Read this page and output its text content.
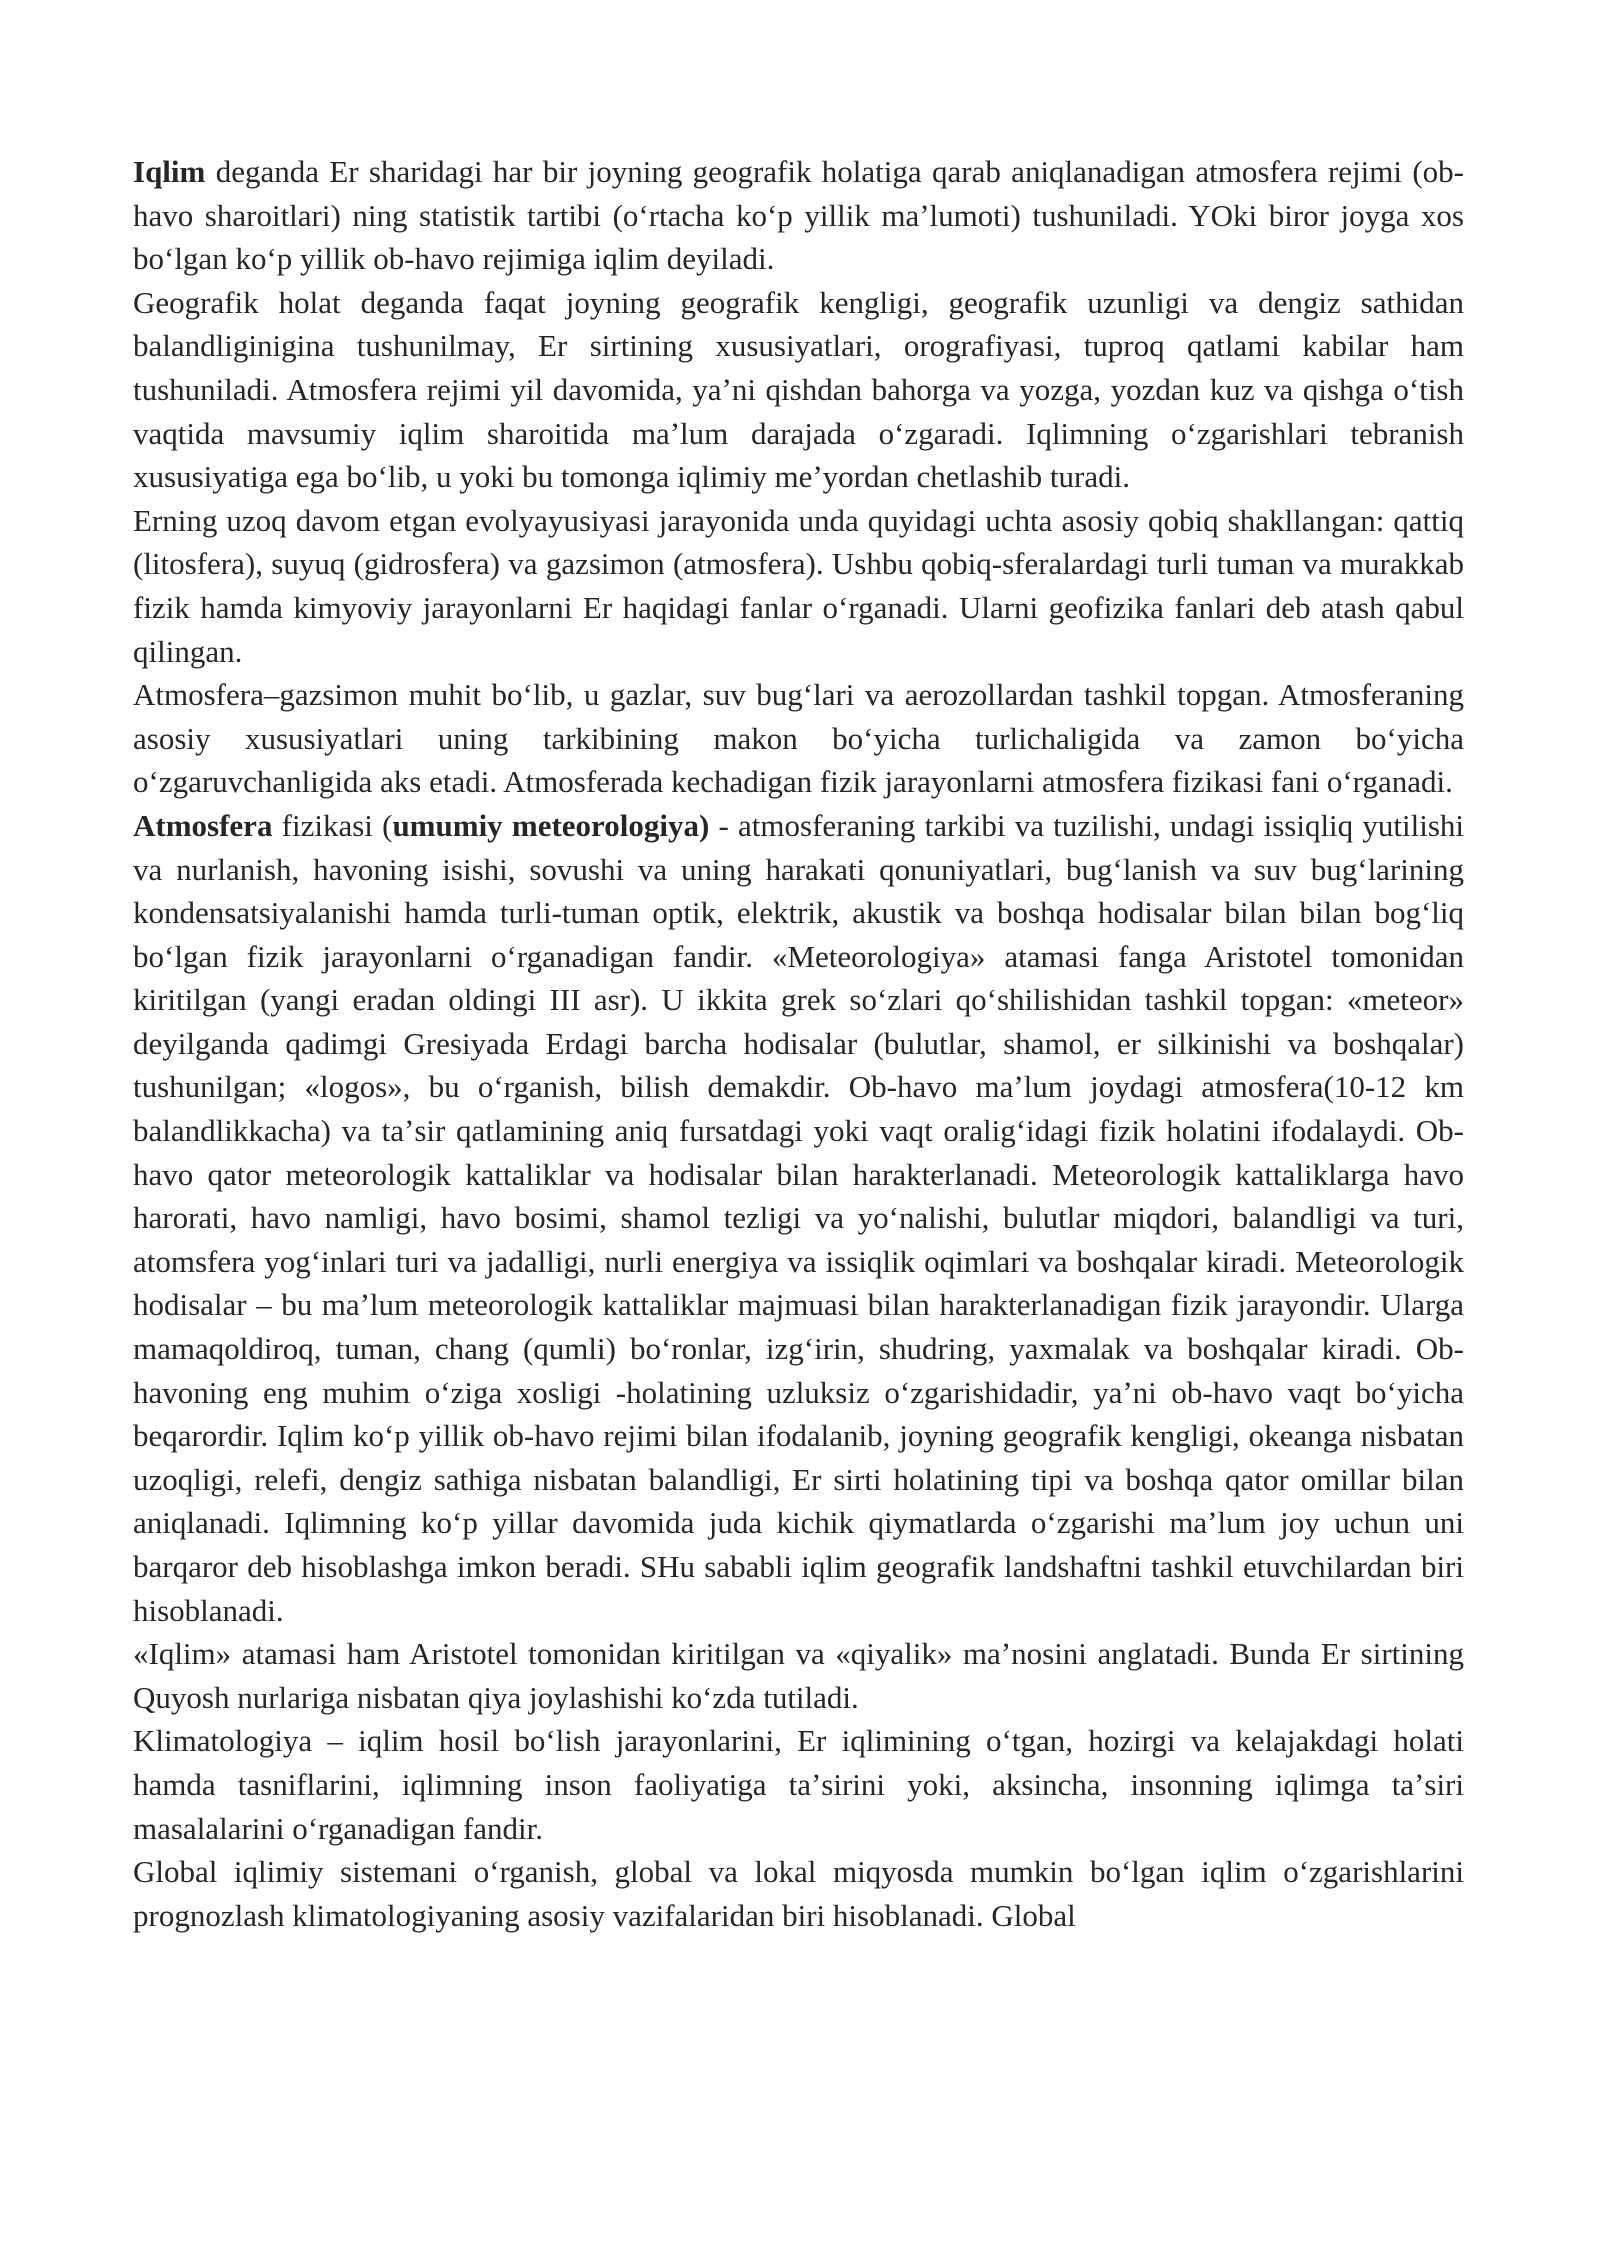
Iqlim deganda Er sharidagi har bir joyning geografik holatiga qarab aniqlanadigan atmosfera rejimi (ob-havo sharoitlari) ning statistik tartibi (oʻrtacha koʻp yillik maʼlumoti) tushuniladi. YOki biror joyga xos boʻlgan koʻp yillik ob-havo rejimiga iqlim deyiladi.

Geografik holat deganda faqat joyning geografik kengligi, geografik uzunligi va dengiz sathidan balandliginigina tushunilmay, Er sirtining xususiyatlari, orografiyasi, tuproq qatlami kabilar ham tushuniladi. Atmosfera rejimi yil davomida, yaʼni qishdan bahorga va yozga, yozdan kuz va qishga oʻtish vaqtida mavsumiy iqlim sharoitida maʼlum darajada oʻzgaradi. Iqlimning oʻzgarishlari tebranish xususiyatiga ega boʻlib, u yoki bu tomonga iqlimiy meʼyordan chetlashib turadi.

Erning uzoq davom etgan evolyayusiyasi jarayonida unda quyidagi uchta asosiy qobiq shakllangan: qattiq (litosfera), suyuq (gidrosfera) va gazsimon (atmosfera). Ushbu qobiq-sferalardagi turli tuman va murakkab fizik hamda kimyoviy jarayonlarni Er haqidagi fanlar oʻrganadi. Ularni geofizika fanlari deb atash qabul qilingan.

Atmosfera–gazsimon muhit boʻlib, u gazlar, suv bugʻlari va aerozollardan tashkil topgan. Atmosferaning asosiy xususiyatlari uning tarkibining makon boʻyicha turlichaligida va zamon boʻyicha oʻzgaruvchanligida aks etadi. Atmosferada kechadigan fizik jarayonlarni atmosfera fizikasi fani oʻrganadi.

Atmosfera fizikasi (umumiy meteorologiya) - atmosferaning tarkibi va tuzilishi, undagi issiqliq yutilishi va nurlanish, havoning isishi, sovushi va uning harakati qonuniyatlari, bugʻlanish va suv bugʻlarining kondensatsiyalanishi hamda turli-tuman optik, elektrik, akustik va boshqa hodisalar bilan bilan bogʻliq boʻlgan fizik jarayonlarni oʻrganadigan fandir. «Meteorologiya» atamasi fanga Aristotel tomonidan kiritilgan (yangi eradan oldingi III asr). U ikkita grek soʻzlari qoʻshilishidan tashkil topgan: «meteor» deyilganda qadimgi Gresiyada Erdagi barcha hodisalar (bulutlar, shamol, er silkinishi va boshqalar) tushunilgan; «logos», bu oʻrganish, bilish demakdir. Ob-havo maʼlum joydagi atmosfera(10-12 km balandlikkacha) va taʼsir qatlamining aniq fursatdagi yoki vaqt oraligʻidagi fizik holatini ifodalaydi. Ob-havo qator meteorologik kattaliklar va hodisalar bilan harakterlanadi. Meteorologik kattaliklarga havo harorati, havo namligi, havo bosimi, shamol tezligi va yoʻnalishi, bulutlar miqdori, balandligi va turi, atomsfera yogʻinlari turi va jadalligi, nurli energiya va issiqlik oqimlari va boshqalar kiradi. Meteorologik hodisalar – bu maʼlum meteorologik kattaliklar majmuasi bilan harakterlanadigan fizik jarayondir. Ularga mamaqoldiroq, tuman, chang (qumli) boʻronlar, izgʻirin, shudring, yaxmalak va boshqalar kiradi. Ob-havoning eng muhim oʻziga xosligi -holatining uzluksiz oʻzgarishidadir, yaʼni ob-havo vaqt boʻyicha beqarordir. Iqlim koʻp yillik ob-havo rejimi bilan ifodalanib, joyning geografik kengligi, okeanga nisbatan uzoqligi, relefi, dengiz sathiga nisbatan balandligi, Er sirti holatining tipi va boshqa qator omillar bilan aniqlanadi. Iqlimning koʻp yillar davomida juda kichik qiymatlarda oʻzgarishi maʼlum joy uchun uni barqaror deb hisoblashga imkon beradi. SHu sababli iqlim geografik landshaftni tashkil etuvchilardan biri hisoblanadi.

«Iqlim» atamasi ham Aristotel tomonidan kiritilgan va «qiyalik» maʼnosini anglatadi. Bunda Er sirtining Quyosh nurlariga nisbatan qiya joylashishi koʻzda tutiladi.

Klimatologiya – iqlim hosil boʻlish jarayonlarini, Er iqlimining oʻtgan, hozirgi va kelajakdagi holati hamda tasniflarini, iqlimning inson faoliyatiga taʼsirini yoki, aksincha, insonning iqlimga taʼsiri masalalarini oʻrganadigan fandir.

Global iqlimiy sistemani oʻrganish, global va lokal miqyosda mumkin boʻlgan iqlim oʻzgarishlarini prognozlash klimatologiyaning asosiy vazifalaridan biri hisoblanadi. Global
